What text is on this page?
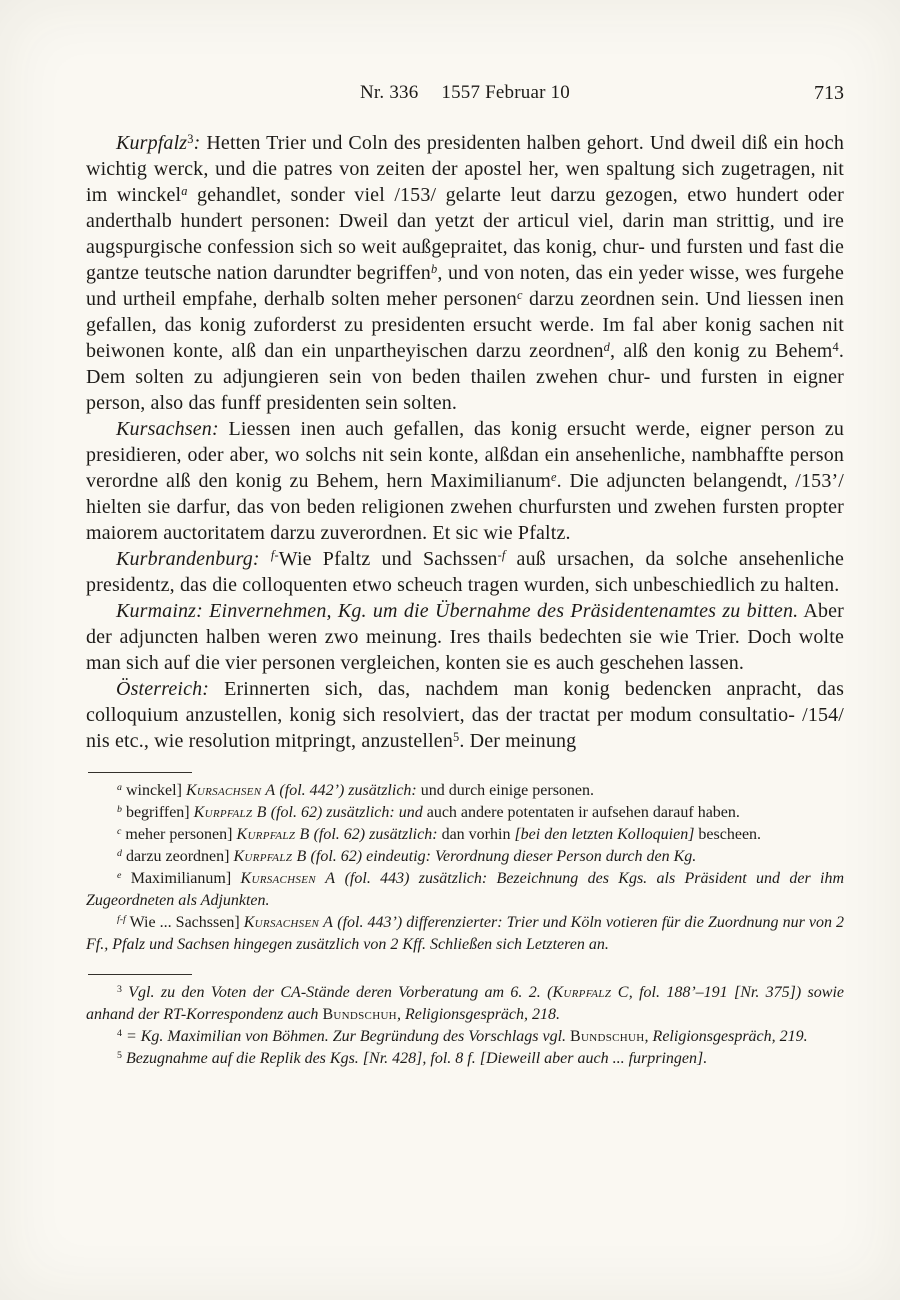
Nr. 336 1557 Februar 10	713

Kurpfalz$^3$: Hetten Trier und Coln des presidenten halben gehort. Und dweil diß ein hoch wichtig werck, und die patres von zeiten der apostel her, wen spaltung sich zugetragen, nit im winckel$^a$ gehandlet, sonder viel /153/ gelarte leut darzu gezogen, etwo hundert oder anderthalb hundert personen: Dweil dan yetzt der articul viel, darin man strittig, und ire augspurgische confession sich so weit außgepraitet, das konig, chur- und fursten und fast die gantze teutsche nation darundter begriffen$^b$, und von noten, das ein yeder wisse, wes furgehe und urtheil empfahe, derhalb solten meher personen$^c$ darzu zeordnen sein. Und liessen inen gefallen, das konig zuforderst zu presidenten ersucht werde. Im fal aber konig sachen nit beiwonen konte, alß dan ein unpartheyischen darzu zeordnen$^d$, alß den konig zu Behem$^4$. Dem solten zu adjungieren sein von beden thailen zwehen chur- und fursten in eigner person, also das funff presidenten sein solten.

Kursachsen: Liessen inen auch gefallen, das konig ersucht werde, eigner person zu presidieren, oder aber, wo solchs nit sein konte, alßdan ein ansehenliche, nambhaffte person verordne alß den konig zu Behem, hern Maximilianum$^e$. Die adjuncten belangendt, /153’/ hielten sie darfur, das von beden religionen zwehen churfursten und zwehen fursten propter maiorem auctoritatem darzu zuverordnen. Et sic wie Pfaltz.

Kurbrandenburg: $^{f-}$Wie Pfaltz und Sachssen$^{-f}$ auß ursachen, da solche ansehenliche presidentz, das die colloquenten etwo scheuch tragen wurden, sich unbeschiedlich zu halten.

Kurmainz: Einvernehmen, Kg. um die Übernahme des Präsidentenamtes zu bitten. Aber der adjuncten halben weren zwo meinung. Ires thails bedechten sie wie Trier. Doch wolte man sich auf die vier personen vergleichen, konten sie es auch geschehen lassen.

Österreich: Erinnerten sich, das, nachdem man konig bedencken anpracht, das colloquium anzustellen, konig sich resolviert, das der tractat per modum consultatio- /154/ nis etc., wie resolution mitpringt, anzustellen$^5$. Der meinung

$^a$ winckel] Kursachsen A (fol. 442’) zusätzlich: und durch einige personen.

$^b$ begriffen] Kurpfalz B (fol. 62) zusätzlich: und auch andere potentaten ir aufsehen darauf haben.

$^c$ meher personen] Kurpfalz B (fol. 62) zusätzlich: dan vorhin [bei den letzten Kolloquien] bescheen.

$^d$ darzu zeordnen] Kurpfalz B (fol. 62) eindeutig: Verordnung dieser Person durch den Kg.

$^e$ Maximilianum] Kursachsen A (fol. 443) zusätzlich: Bezeichnung des Kgs. als Präsident und der ihm Zugeordneten als Adjunkten.

$^{f-f}$ Wie ... Sachssen] Kursachsen A (fol. 443’) differenzierter: Trier und Köln votieren für die Zuordnung nur von 2 Ff., Pfalz und Sachsen hingegen zusätzlich von 2 Kff. Schließen sich Letzteren an.

$^3$ Vgl. zu den Voten der CA-Stände deren Vorberatung am 6. 2. (Kurpfalz C, fol. 188’–191 [Nr. 375]) sowie anhand der RT-Korrespondenz auch Bundschuh, Religionsgespräch, 218.

$^4$ = Kg. Maximilian von Böhmen. Zur Begründung des Vorschlags vgl. Bundschuh, Religionsgespräch, 219.

$^5$ Bezugnahme auf die Replik des Kgs. [Nr. 428], fol. 8 f. [Dieweill aber auch ... furpringen].
